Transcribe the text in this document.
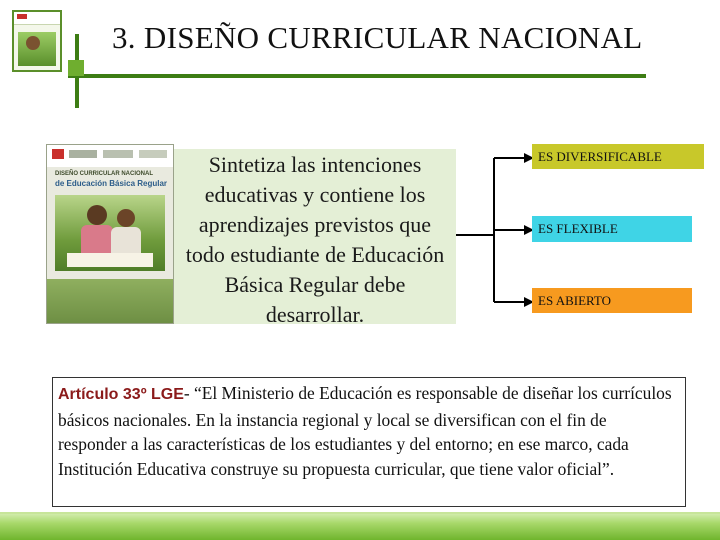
3. DISEÑO CURRICULAR NACIONAL
DISEÑO CURRICULAR NACIONAL
de Educación Básica Regular
Sintetiza las intenciones educativas y contiene los aprendizajes previstos que todo estudiante de Educación Básica Regular debe desarrollar.
ES DIVERSIFICABLE
ES FLEXIBLE
ES ABIERTO
Artículo 33º LGE- “El Ministerio de Educación es responsable de diseñar los currículos básicos nacionales. En la instancia regional y local se diversifican con el fin de responder a las características de los estudiantes y del entorno; en ese marco, cada Institución Educativa construye su propuesta curricular, que tiene valor oficial”.
